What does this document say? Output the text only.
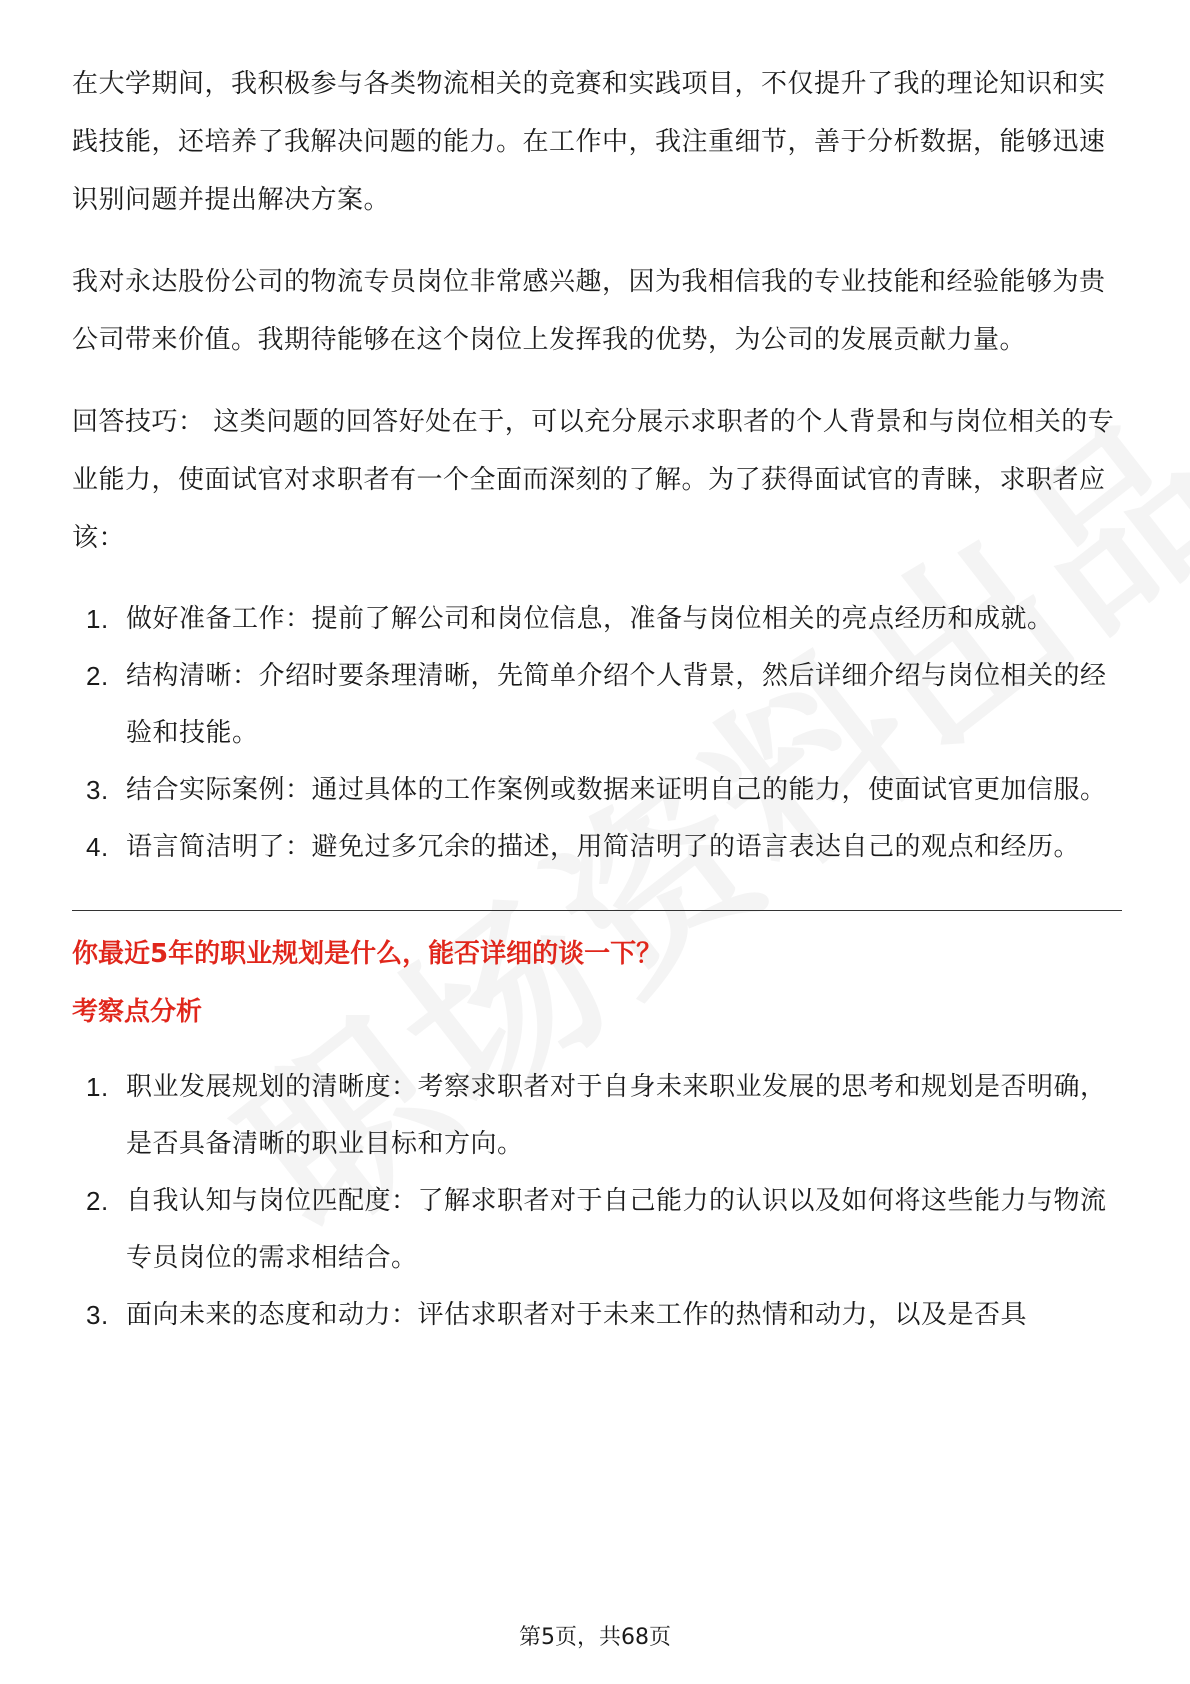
在大学期间，我积极参与各类物流相关的竞赛和实践项目，不仅提升了我的理论知识和实践技能，还培养了我解决问题的能力。在工作中，我注重细节，善于分析数据，能够迅速识别问题并提出解决方案。

我对永达股份公司的物流专员岗位非常感兴趣，因为我相信我的专业技能和经验能够为贵公司带来价值。我期待能够在这个岗位上发挥我的优势，为公司的发展贡献力量。

回答技巧： 这类问题的回答好处在于，可以充分展示求职者的个人背景和与岗位相关的专业能力，使面试官对求职者有一个全面而深刻的了解。为了获得面试官的青睐，求职者应该：

1. 做好准备工作：提前了解公司和岗位信息，准备与岗位相关的亮点经历和成就。
2. 结构清晰：介绍时要条理清晰，先简单介绍个人背景，然后详细介绍与岗位相关的经验和技能。
3. 结合实际案例：通过具体的工作案例或数据来证明自己的能力，使面试官更加信服。
4. 语言简洁明了：避免过多冗余的描述，用简洁明了的语言表达自己的观点和经历。

你最近5年的职业规划是什么，能否详细的谈一下？

考察点分析

1. 职业发展规划的清晰度：考察求职者对于自身未来职业发展的思考和规划是否明确，是否具备清晰的职业目标和方向。
2. 自我认知与岗位匹配度：了解求职者对于自己能力的认识以及如何将这些能力与物流专员岗位的需求相结合。
3. 面向未来的态度和动力：评估求职者对于未来工作的热情和动力，以及是否具
第5页，共68页
